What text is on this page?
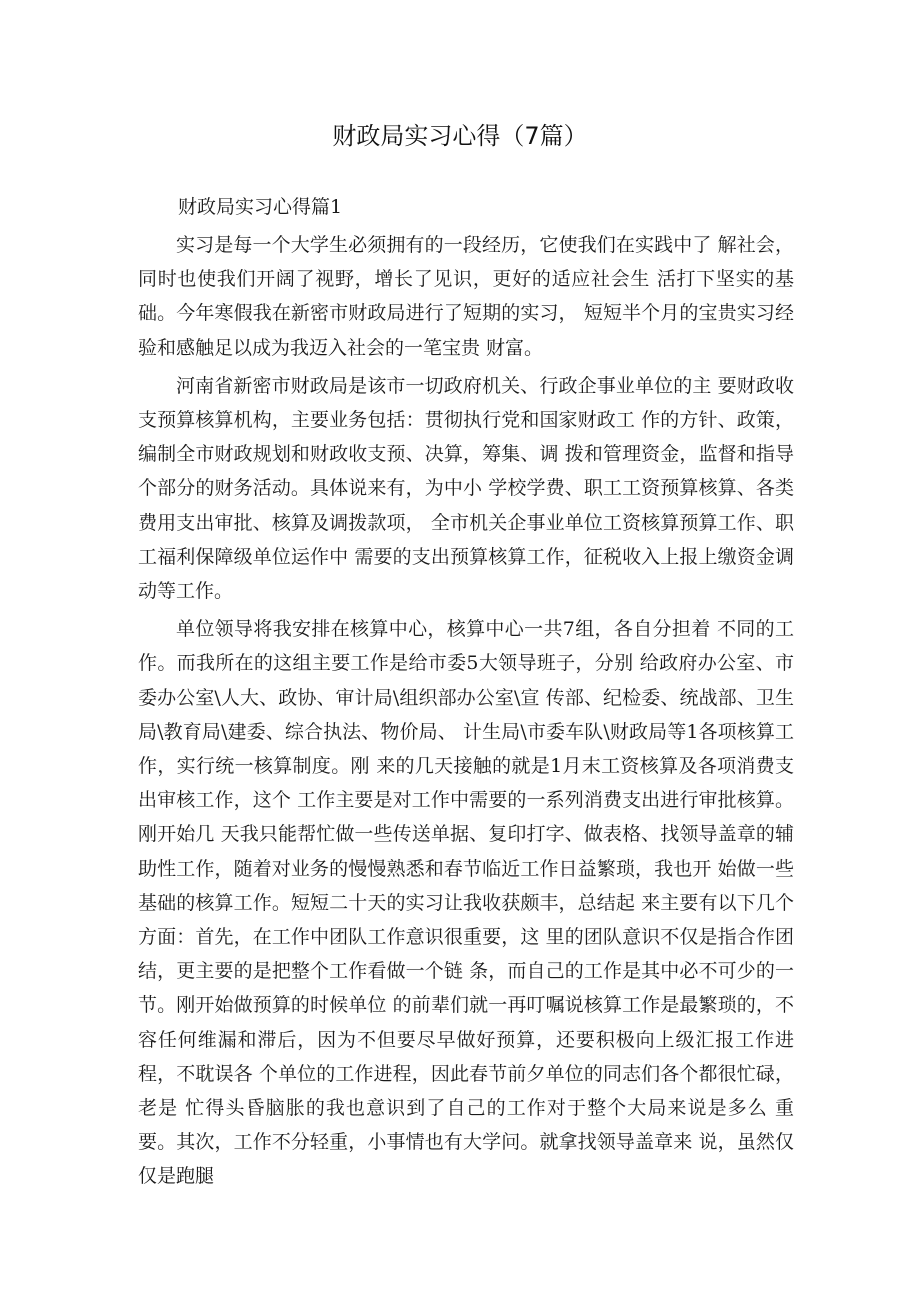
财政局实习心得（7篇）
财政局实习心得篇1

实习是每一个大学生必须拥有的一段经历，它使我们在实践中了 解社会，同时也使我们开阔了视野，增长了见识，更好的适应社会生 活打下坚实的基础。今年寒假我在新密市财政局进行了短期的实习， 短短半个月的宝贵实习经验和感触足以成为我迈入社会的一笔宝贵 财富。

河南省新密市财政局是该市一切政府机关、行政企事业单位的主 要财政收支预算核算机构，主要业务包括：贯彻执行党和国家财政工 作的方针、政策，编制全市财政规划和财政收支预、决算，筹集、调 拨和管理资金，监督和指导个部分的财务活动。具体说来有，为中小 学校学费、职工工资预算核算、各类费用支出审批、核算及调拨款项， 全市机关企事业单位工资核算预算工作、职工福利保障级单位运作中 需要的支出预算核算工作，征税收入上报上缴资金调动等工作。

单位领导将我安排在核算中心，核算中心一共7组，各自分担着 不同的工作。而我所在的这组主要工作是给市委5大领导班子，分别 给政府办公室、市委办公室\人大、政协、审计局\组织部办公室\宣 传部、纪检委、统战部、卫生局\教育局\建委、综合执法、物价局、 计生局\市委车队\财政局等1各项核算工作，实行统一核算制度。刚 来的几天接触的就是1月末工资核算及各项消费支出审核工作，这个 工作主要是对工作中需要的一系列消费支出进行审批核算。刚开始几 天我只能帮忙做一些传送单据、复印打字、做表格、找领导盖章的辅 助性工作，随着对业务的慢慢熟悉和春节临近工作日益繁琐，我也开 始做一些基础的核算工作。短短二十天的实习让我收获颇丰，总结起 来主要有以下几个方面：首先，在工作中团队工作意识很重要，这 里的团队意识不仅是指合作团结，更主要的是把整个工作看做一个链 条，而自己的工作是其中必不可少的一节。刚开始做预算的时候单位 的前辈们就一再叮嘱说核算工作是最繁琐的，不容任何维漏和滞后，因为不但要尽早做好预算，还要积极向上级汇报工作进程，不耽误各 个单位的工作进程，因此春节前夕单位的同志们各个都很忙碌，老是 忙得头昏脑胀的我也意识到了自己的工作对于整个大局来说是多么 重要。其次，工作不分轻重，小事情也有大学问。就拿找领导盖章来 说，虽然仅仅是跑腿
